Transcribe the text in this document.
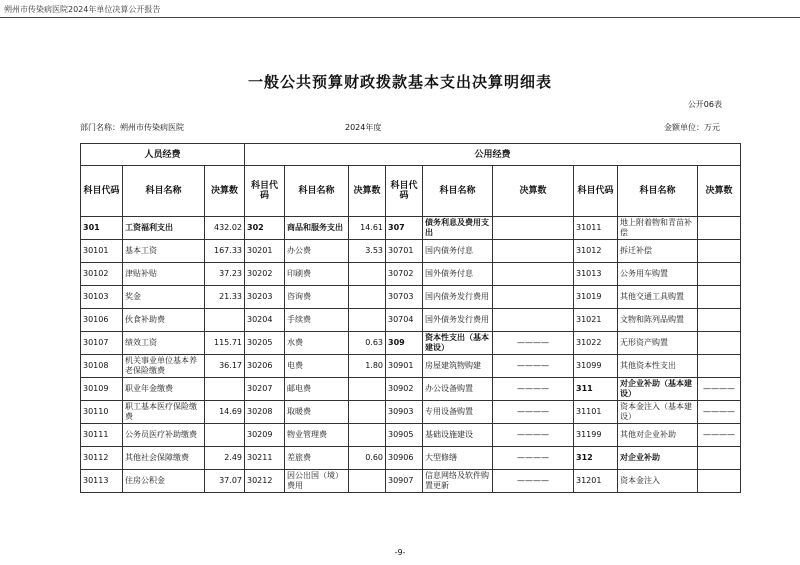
朔州市传染病医院2024年单位决算公开报告
一般公共预算财政拨款基本支出决算明细表
公开06表
部门名称：朔州市传染病医院	2024年度	金额单位：万元
人员经费			公用经费								
科目代码	科目名称	决算数	科目代码	科目名称	决算数	科目代码	科目名称	决算数	科目代码	科目名称	决算数
301	工资福利支出	432.02	302	商品和服务支出	14.61	307	债务利息及费用支出		31011	地上附着物和青苗补偿	
30101	基本工资	167.33	30201	办公费	3.53	30701	国内债务付息		31012	拆迁补偿	
30102	津贴补贴	37.23	30202	印刷费		30702	国外债务付息		31013	公务用车购置	
30103	奖金	21.33	30203	咨询费		30703	国内债务发行费用		31019	其他交通工具购置	
30106	伙食补助费		30204	手续费		30704	国外债务发行费用		31021	文物和陈列品购置	
30107	绩效工资	115.71	30205	水费	0.63	309	资本性支出（基本建设）	————	31022	无形资产购置	
30108	机关事业单位基本养老保险缴费	36.17	30206	电费	1.80	30901	房屋建筑物购建	————	31099	其他资本性支出	
30109	职业年金缴费		30207	邮电费		30902	办公设备购置	————	311	对企业补助（基本建设）	————
30110	职工基本医疗保险缴费	14.69	30208	取暖费		30903	专用设备购置	————	31101	资本金注入（基本建设）	————
30111	公务员医疗补助缴费		30209	物业管理费		30905	基础设施建设	————	31199	其他对企业补助	————
30112	其他社会保障缴费	2.49	30211	差旅费	0.60	30906	大型修缮	————	312	对企业补助	
30113	住房公积金	37.07	30212	因公出国（境）费用		30907	信息网络及软件购置更新	————	31201	资本金注入	
-9-
